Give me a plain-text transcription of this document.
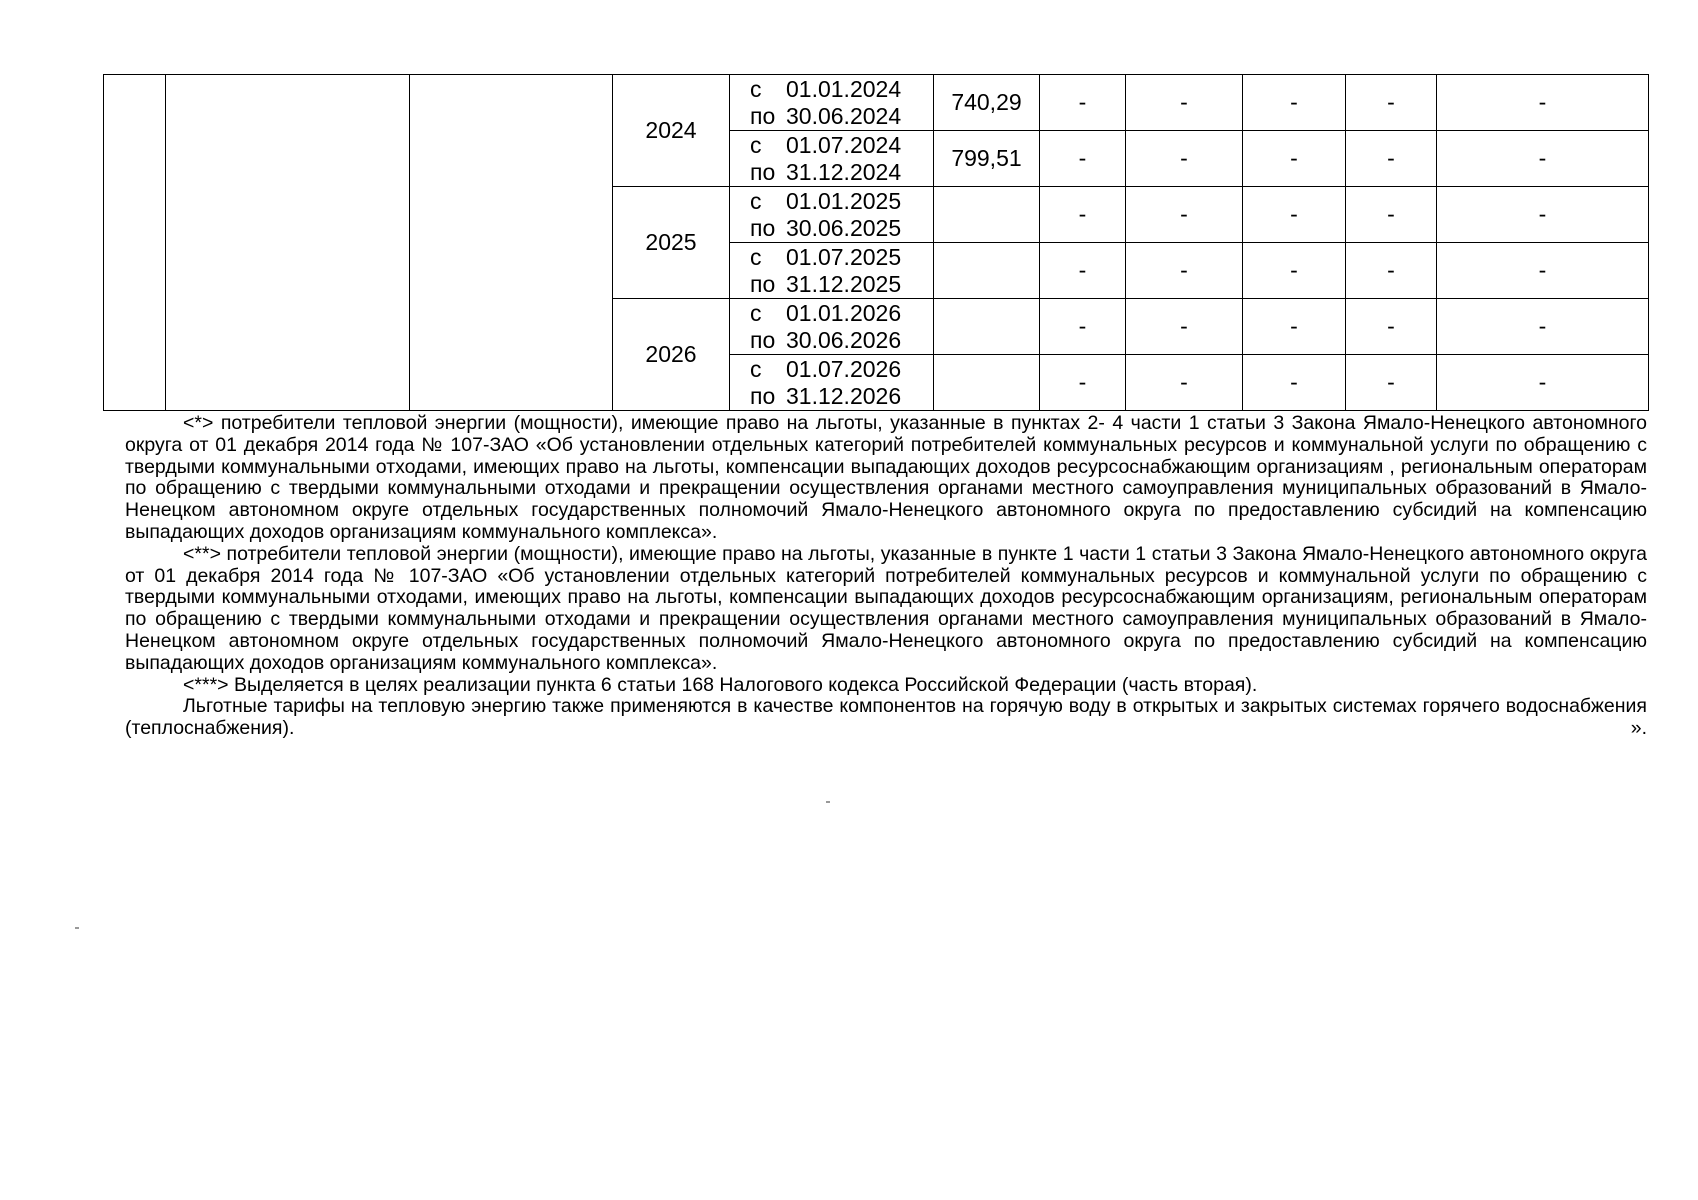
			2024	с 01.01.2024
по 30.06.2024	740,29	-	-	-	-	-

				с 01.07.2024
по 31.12.2024	799,51	-	-	-	-	-
			2025	с 01.01.2025
по 30.06.2025		-	-	-	-	-

				с 01.07.2025
по 31.12.2025		-	-	-	-	-
			2026	с 01.01.2026
по 30.06.2026		-	-	-	-	-

				с 01.07.2026
по 31.12.2026		-	-	-	-	-

<*> потребители тепловой энергии (мощности), имеющие право на льготы, указанные в пунктах 2- 4 части 1 статьи 3 Закона Ямало-Ненецкого автономного округа от 01 декабря 2014 года № 107-ЗАО «Об установлении отдельных категорий потребителей коммунальных ресурсов и коммунальной услуги по обращению с твердыми коммунальными отходами, имеющих право на льготы, компенсации выпадающих доходов ресурсоснабжающим организациям , региональным операторам по обращению с твердыми коммунальными отходами и прекращении осуществления органами местного самоуправления муниципальных образований в Ямало-Ненецком автономном округе отдельных государственных полномочий Ямало-Ненецкого автономного округа по предоставлению субсидий на компенсацию выпадающих доходов организациям коммунального комплекса».

<**> потребители тепловой энергии (мощности), имеющие право на льготы, указанные в пункте 1 части 1 статьи 3 Закона Ямало-Ненецкого автономного округа от 01 декабря 2014 года № 107-ЗАО «Об установлении отдельных категорий потребителей коммунальных ресурсов и коммунальной услуги по обращению с твердыми коммунальными отходами, имеющих право на льготы, компенсации выпадающих доходов ресурсоснабжающим организациям, региональным операторам по обращению с твердыми коммунальными отходами и прекращении осуществления органами местного самоуправления муниципальных образований в Ямало-Ненецком автономном округе отдельных государственных полномочий Ямало-Ненецкого автономного округа по предоставлению субсидий на компенсацию выпадающих доходов организациям коммунального комплекса».

<***> Выделяется в целях реализации пункта 6 статьи 168 Налогового кодекса Российской Федерации (часть вторая).

Льготные тарифы на тепловую энергию также применяются в качестве компонентов на горячую воду в открытых и закрытых системах горячего водоснабжения (теплоснабжения).	».
